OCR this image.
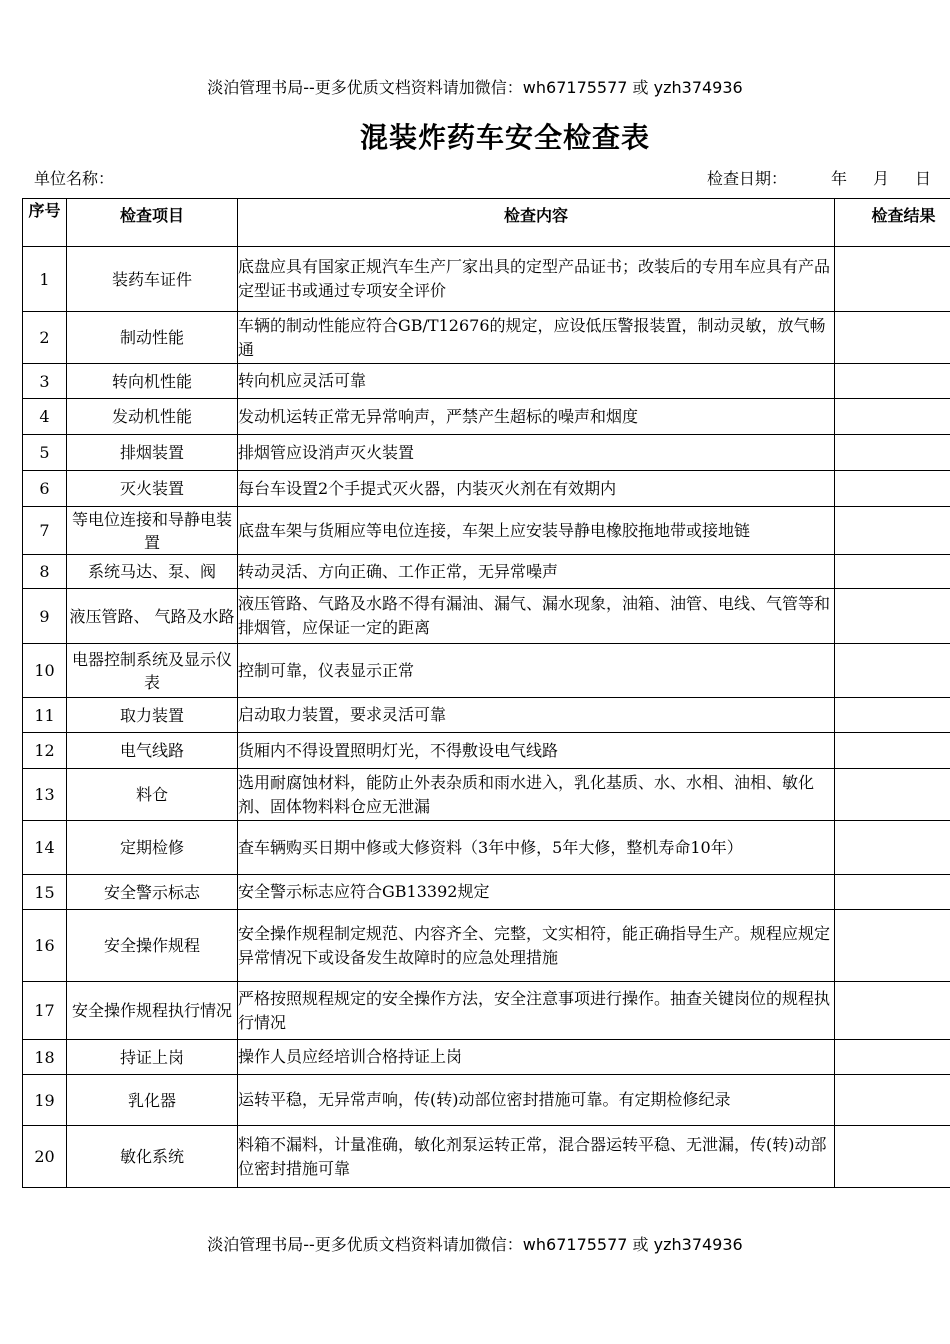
淡泊管理书局--更多优质文档资料请加微信：wh67175577 或 yzh374936
混装炸药车安全检查表
单位名称：	检查日期：	年 月 日
序号	检查项目	检查内容	检查结果
1	装药车证件	底盘应具有国家正规汽车生产厂家出具的定型产品证书；改装后的专用车应具有产品定型证书或通过专项安全评价	
2	制动性能	车辆的制动性能应符合GB/T12676的规定，应设低压警报装置，制动灵敏，放气畅通	
3	转向机性能	转向机应灵活可靠	
4	发动机性能	发动机运转正常无异常响声，严禁产生超标的噪声和烟度	
5	排烟装置	排烟管应设消声灭火装置	
6	灭火装置	每台车设置2个手提式灭火器，内装灭火剂在有效期内	
7	等电位连接和导静电装置	底盘车架与货厢应等电位连接，车架上应安装导静电橡胶拖地带或接地链	
8	系统马达、泵、阀	转动灵活、方向正确、工作正常，无异常噪声	
9	液压管路、 气路及水路	液压管路、气路及水路不得有漏油、漏气、漏水现象，油箱、油管、电线、气管等和排烟管，应保证一定的距离	
10	电器控制系统及显示仪表	控制可靠，仪表显示正常	
11	取力装置	启动取力装置，要求灵活可靠	
12	电气线路	货厢内不得设置照明灯光，不得敷设电气线路	
13	料仓	选用耐腐蚀材料，能防止外表杂质和雨水进入，乳化基质、水、水相、油相、敏化剂、固体物料料仓应无泄漏	
14	定期检修	查车辆购买日期中修或大修资料（3年中修，5年大修，整机寿命10年）	
15	安全警示标志	安全警示标志应符合GB13392规定	
16	安全操作规程	安全操作规程制定规范、内容齐全、完整，文实相符，能正确指导生产。规程应规定异常情况下或设备发生故障时的应急处理措施	
17	安全操作规程执行情况	严格按照规程规定的安全操作方法，安全注意事项进行操作。抽查关键岗位的规程执行情况	
18	持证上岗	操作人员应经培训合格持证上岗	
19	乳化器	运转平稳，无异常声响，传(转)动部位密封措施可靠。有定期检修纪录	
20	敏化系统	料箱不漏料，计量准确，敏化剂泵运转正常，混合器运转平稳、无泄漏，传(转)动部位密封措施可靠	
淡泊管理书局--更多优质文档资料请加微信：wh67175577 或 yzh374936
